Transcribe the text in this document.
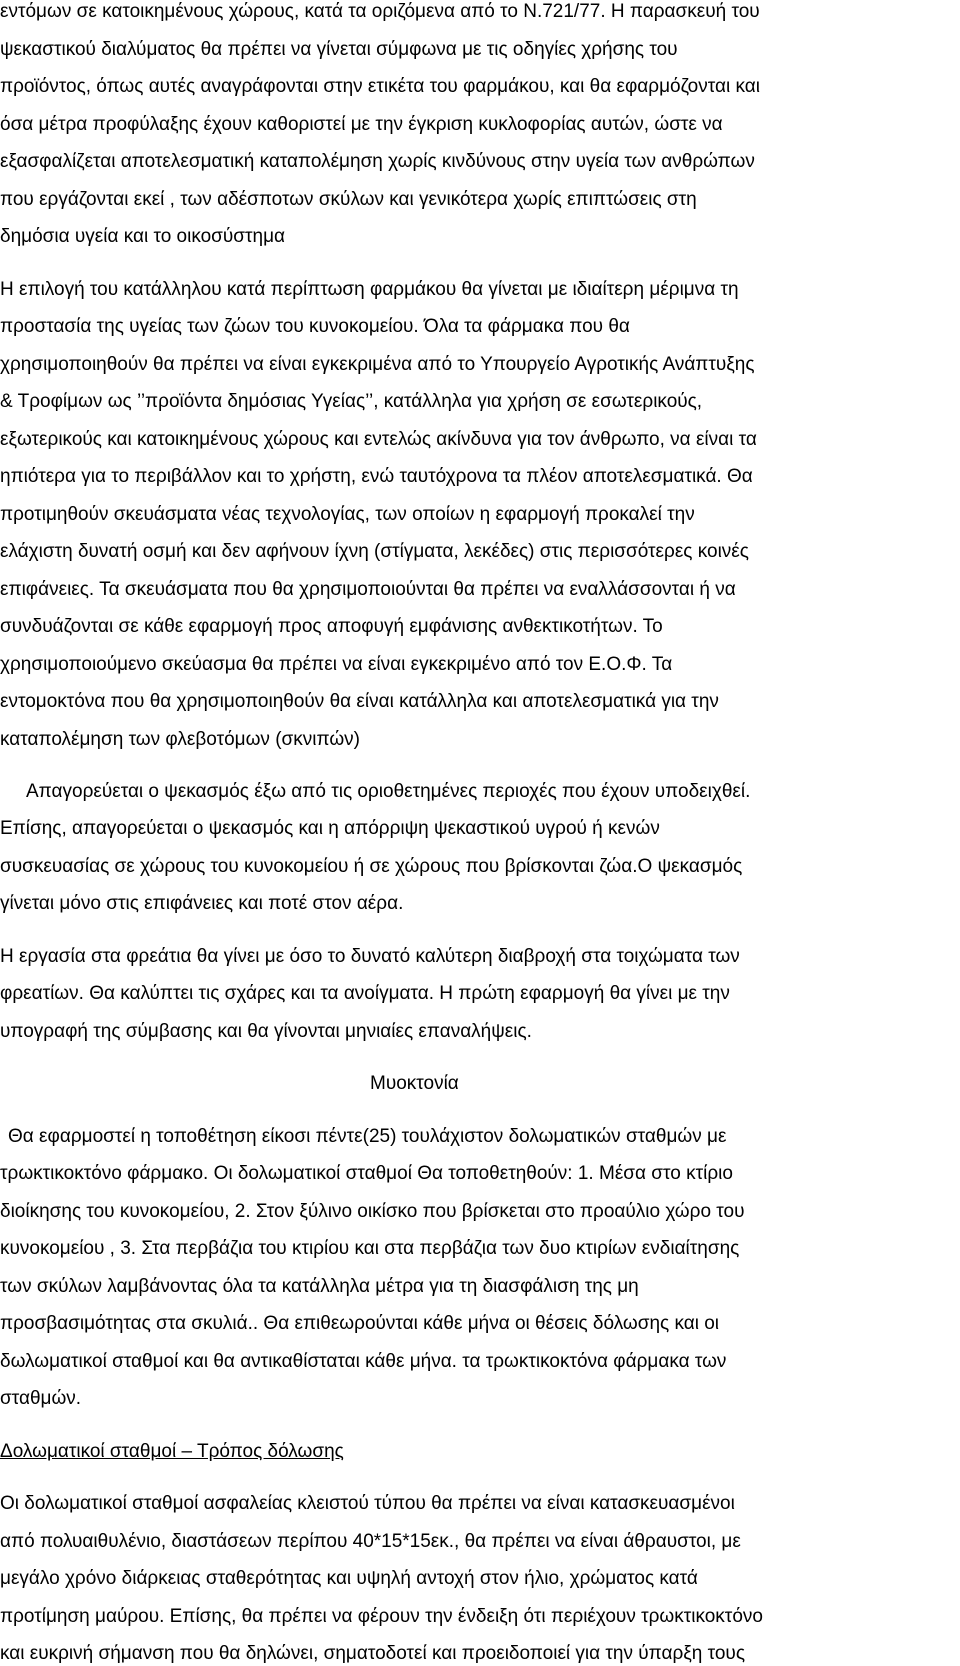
εντόμων σε κατοικημένους χώρους, κατά τα οριζόμενα από το Ν.721/77. Η παρασκευή του
ψεκαστικού διαλύματος θα πρέπει να γίνεται σύμφωνα με τις οδηγίες χρήσης του
προϊόντος, όπως αυτές αναγράφονται στην ετικέτα του φαρμάκου, και θα εφαρμόζονται και
όσα μέτρα προφύλαξης έχουν καθοριστεί με την έγκριση κυκλοφορίας αυτών, ώστε να
εξασφαλίζεται αποτελεσματική καταπολέμηση χωρίς κινδύνους στην υγεία των ανθρώπων
που εργάζονται εκεί , των αδέσποτων σκύλων και γενικότερα χωρίς επιπτώσεις στη
δημόσια υγεία και το οικοσύστημα
Η επιλογή του κατάλληλου κατά περίπτωση φαρμάκου θα γίνεται με ιδιαίτερη μέριμνα τη
προστασία της υγείας των ζώων του κυνοκομείου. Όλα τα φάρμακα που θα
χρησιμοποιηθούν θα πρέπει να είναι εγκεκριμένα από το Υπουργείο Αγροτικής Ανάπτυξης
& Τροφίμων ως ’’προϊόντα δημόσιας Υγείας’’, κατάλληλα για χρήση σε εσωτερικούς,
εξωτερικούς και κατοικημένους χώρους και εντελώς ακίνδυνα για τον άνθρωπο, να είναι τα
ηπιότερα για το περιβάλλον και το χρήστη, ενώ ταυτόχρονα τα πλέον αποτελεσματικά. Θα
προτιμηθούν σκευάσματα νέας τεχνολογίας, των οποίων η εφαρμογή προκαλεί την
ελάχιστη δυνατή οσμή και δεν αφήνουν ίχνη (στίγματα, λεκέδες) στις περισσότερες κοινές
επιφάνειες. Τα σκευάσματα που θα χρησιμοποιούνται θα πρέπει να εναλλάσσονται ή να
συνδυάζονται σε κάθε εφαρμογή προς αποφυγή εμφάνισης ανθεκτικοτήτων. Το
χρησιμοποιούμενο σκεύασμα θα πρέπει να είναι εγκεκριμένο από τον Ε.Ο.Φ. Τα
εντομοκτόνα που θα χρησιμοποιηθούν θα είναι κατάλληλα και αποτελεσματικά για την
καταπολέμηση των φλεβοτόμων (σκνιπών)
Απαγορεύεται ο ψεκασμός έξω από τις οριοθετημένες περιοχές που έχουν υποδειχθεί.
Επίσης, απαγορεύεται ο ψεκασμός και η απόρριψη ψεκαστικού υγρού ή κενών
συσκευασίας σε χώρους του κυνοκομείου ή σε χώρους που βρίσκονται ζώα.Ο ψεκασμός
γίνεται μόνο στις επιφάνειες και ποτέ στον αέρα.
Η εργασία στα φρεάτια θα γίνει με όσο το δυνατό καλύτερη διαβροχή στα τοιχώματα των
φρεατίων. Θα καλύπτει τις σχάρες και τα ανοίγματα. Η πρώτη εφαρμογή θα γίνει με την
υπογραφή της σύμβασης και θα γίνονται μηνιαίες επαναλήψεις.
Μυοκτονία
Θα εφαρμοστεί η τοποθέτηση είκοσι πέντε(25) τουλάχιστον δολωματικών σταθμών με
τρωκτικοκτόνο φάρμακο. Οι δολωματικοί σταθμοί Θα τοποθετηθούν: 1. Μέσα στο κτίριο
διοίκησης του κυνοκομείου, 2. Στον ξύλινο οικίσκο που βρίσκεται στο προαύλιο χώρο του
κυνοκομείου , 3. Στα περβάζια του κτιρίου και στα περβάζια των δυο κτιρίων ενδιαίτησης
των σκύλων λαμβάνοντας όλα τα κατάλληλα μέτρα για τη διασφάλιση της μη
προσβασιμότητας στα σκυλιά.. Θα επιθεωρούνται κάθε μήνα οι θέσεις δόλωσης και οι
δωλωματικοί σταθμοί και θα αντικαθίσταται κάθε μήνα. τα τρωκτικοκτόνα φάρμακα των
σταθμών.
Δολωματικοί σταθμοί – Τρόπος δόλωσης
Οι δολωματικοί σταθμοί ασφαλείας κλειστού τύπου θα πρέπει να είναι κατασκευασμένοι
από πολυαιθυλένιο, διαστάσεων περίπου 40*15*15εκ., θα πρέπει να είναι άθραυστοι, με
μεγάλο χρόνο διάρκειας σταθερότητας και υψηλή αντοχή στον ήλιο, χρώματος κατά
προτίμηση μαύρου. Επίσης, θα πρέπει να φέρουν την ένδειξη ότι περιέχουν τρωκτικοκτόνο
και ευκρινή σήμανση που θα δηλώνει, σηματοδοτεί και προειδοποιεί για την ύπαρξη τους
